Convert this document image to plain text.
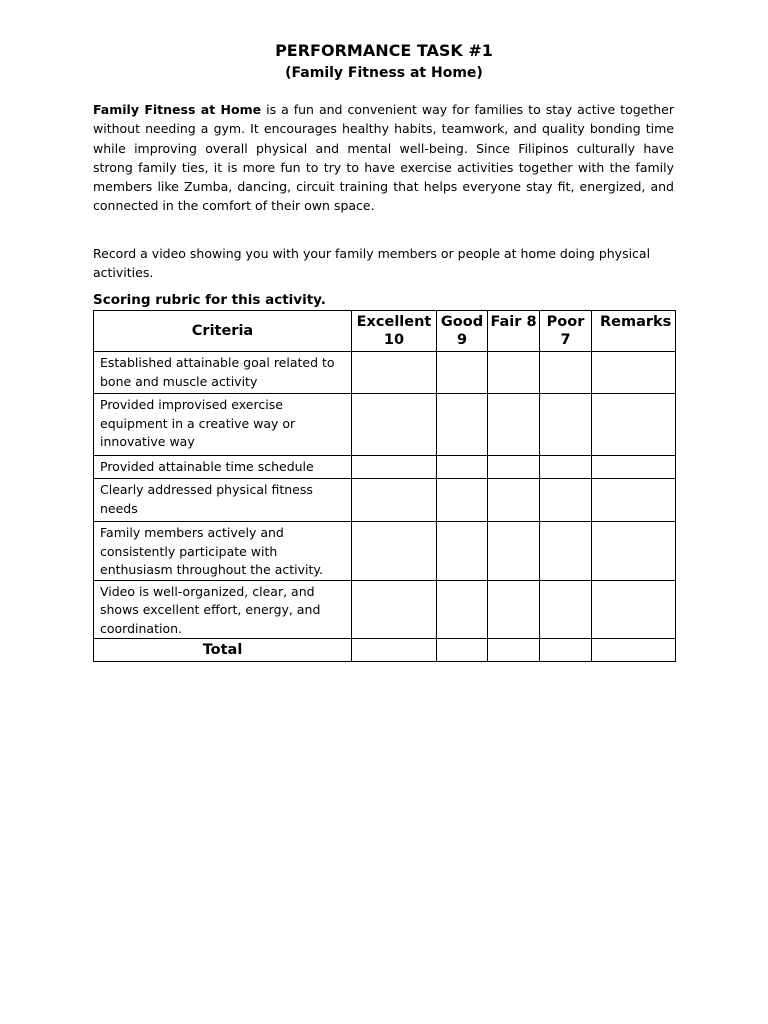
PERFORMANCE TASK #1
(Family Fitness at Home)

Family Fitness at Home is a fun and convenient way for families to stay active together without needing a gym. It encourages healthy habits, teamwork, and quality bonding time while improving overall physical and mental well-being. Since Filipinos culturally have strong family ties, it is more fun to try to have exercise activities together with the family members like Zumba, dancing, circuit training that helps everyone stay fit, energized, and connected in the comfort of their own space.

Record a video showing you with your family members or people at home doing physical activities.

Scoring rubric for this activity.
Criteria	Excellent 10	Good 9	Fair 8	Poor 7	Remarks
Established attainable goal related to bone and muscle activity					
Provided improvised exercise equipment in a creative way or innovative way					
Provided attainable time schedule					
Clearly addressed physical fitness needs					
Family members actively and consistently participate with enthusiasm throughout the activity.					
Video is well-organized, clear, and shows excellent effort, energy, and coordination.					
Total					
